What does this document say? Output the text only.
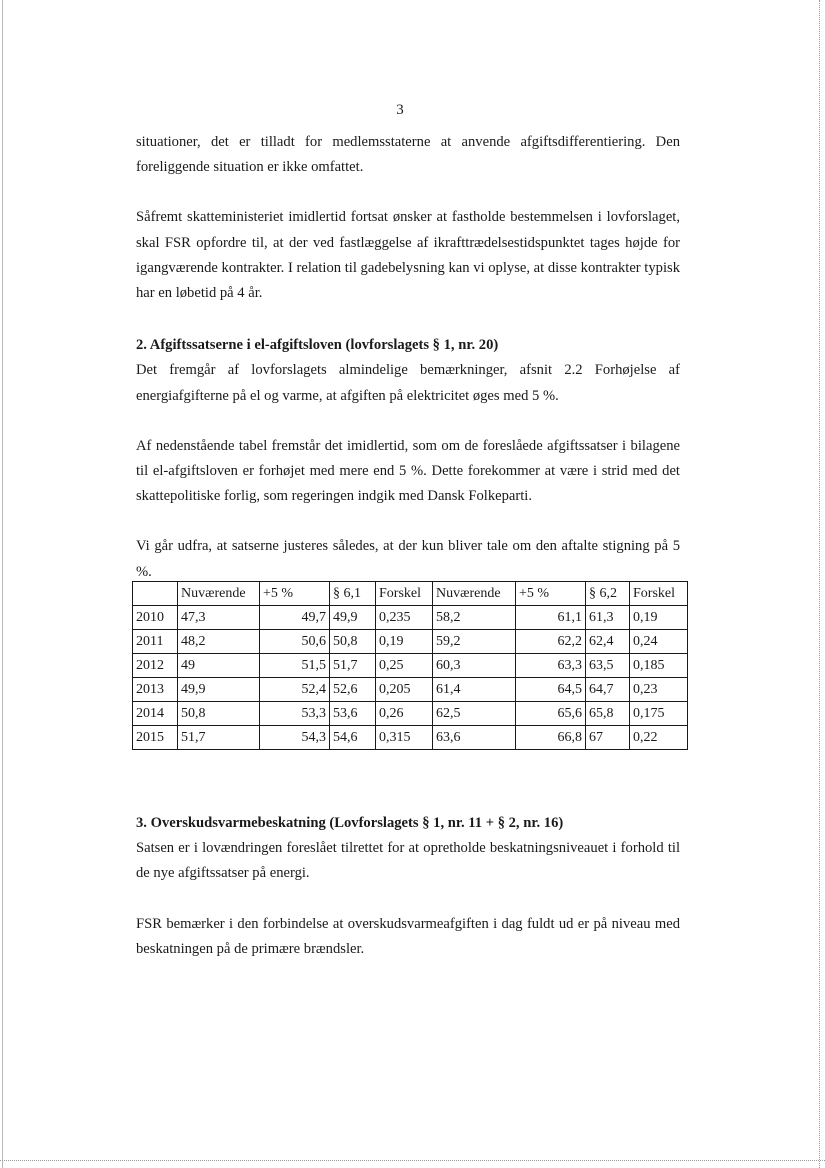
3

situationer, det er tilladt for medlemsstaterne at anvende afgiftsdifferentiering. Den foreliggende situation er ikke omfattet.

Såfremt skatteministeriet imidlertid fortsat ønsker at fastholde bestemmelsen i lovforslaget, skal FSR opfordre til, at der ved fastlæggelse af ikrafttrædelsestidspunktet tages højde for igangværende kontrakter. I relation til gadebelysning kan vi oplyse, at disse kontrakter typisk har en løbetid på 4 år.

2. Afgiftssatserne i el-afgiftsloven (lovforslagets § 1, nr. 20)

Det fremgår af lovforslagets almindelige bemærkninger, afsnit 2.2 Forhøjelse af energiafgifterne på el og varme, at afgiften på elektricitet øges med 5 %.

Af nedenstående tabel fremstår det imidlertid, som om de foreslåede afgiftssatser i bilagene til el-afgiftsloven er forhøjet med mere end 5 %. Dette forekommer at være i strid med det skattepolitiske forlig, som regeringen indgik med Dansk Folkeparti.

Vi går udfra, at satserne justeres således, at der kun bliver tale om den aftalte stigning på 5 %.

	Nuværende	+5 %	§ 6,1	Forskel	Nuværende	+5 %	§ 6,2	Forskel
2010	47,3	49,7	49,9	0,235	58,2	61,1	61,3	0,19
2011	48,2	50,6	50,8	0,19	59,2	62,2	62,4	0,24
2012	49	51,5	51,7	0,25	60,3	63,3	63,5	0,185
2013	49,9	52,4	52,6	0,205	61,4	64,5	64,7	0,23
2014	50,8	53,3	53,6	0,26	62,5	65,6	65,8	0,175
2015	51,7	54,3	54,6	0,315	63,6	66,8	67	0,22
3. Overskudsvarmebeskatning (Lovforslagets § 1, nr. 11 + § 2, nr. 16)

Satsen er i lovændringen foreslået tilrettet for at opretholde beskatningsniveauet i forhold til de nye afgiftssatser på energi.

FSR bemærker i den forbindelse at overskudsvarmeafgiften i dag fuldt ud er på niveau med beskatningen på de primære brændsler.
